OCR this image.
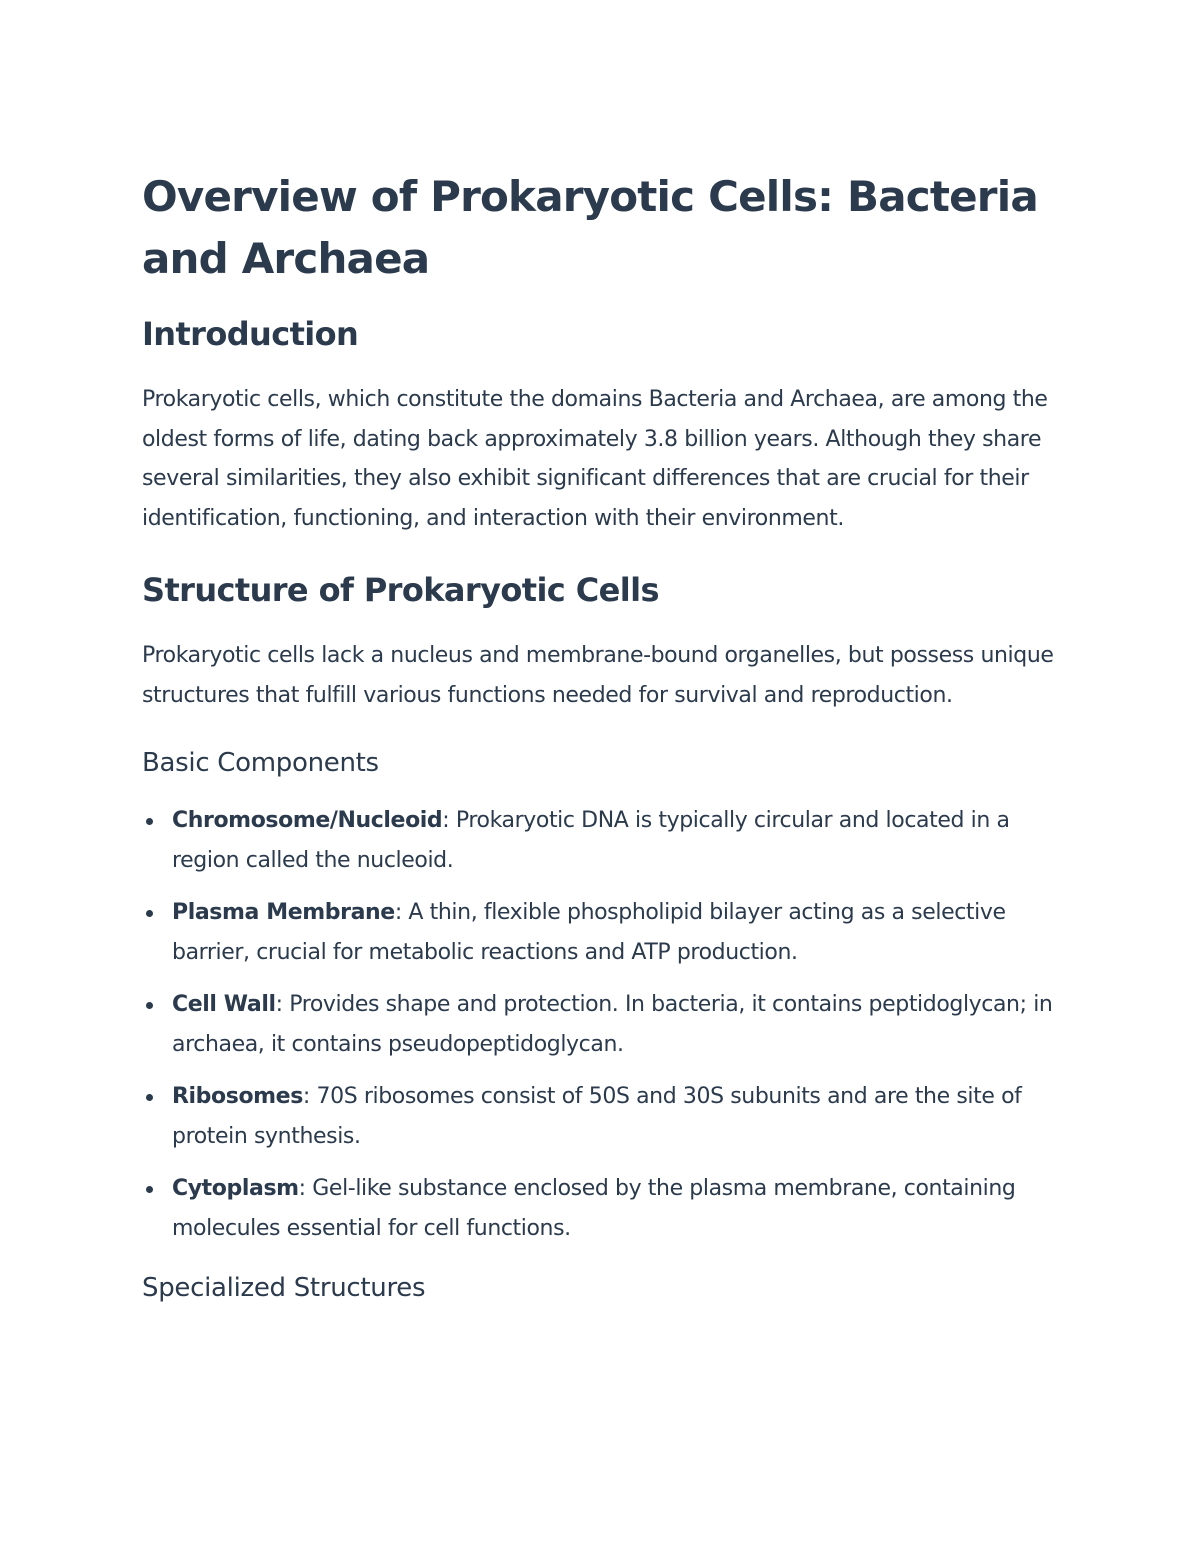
Overview of Prokaryotic Cells: Bacteria and Archaea
Introduction

Prokaryotic cells, which constitute the domains Bacteria and Archaea, are among the oldest forms of life, dating back approximately 3.8 billion years. Although they share several similarities, they also exhibit significant differences that are crucial for their identification, functioning, and interaction with their environment.

Structure of Prokaryotic Cells

Prokaryotic cells lack a nucleus and membrane-bound organelles, but possess unique structures that fulfill various functions needed for survival and reproduction.

Basic Components
Chromosome/Nucleoid: Prokaryotic DNA is typically circular and located in a region called the nucleoid.
Plasma Membrane: A thin, flexible phospholipid bilayer acting as a selective barrier, crucial for metabolic reactions and ATP production.
Cell Wall: Provides shape and protection. In bacteria, it contains peptidoglycan; in archaea, it contains pseudopeptidoglycan.
Ribosomes: 70S ribosomes consist of 50S and 30S subunits and are the site of protein synthesis.
Cytoplasm: Gel-like substance enclosed by the plasma membrane, containing molecules essential for cell functions.
Specialized Structures
